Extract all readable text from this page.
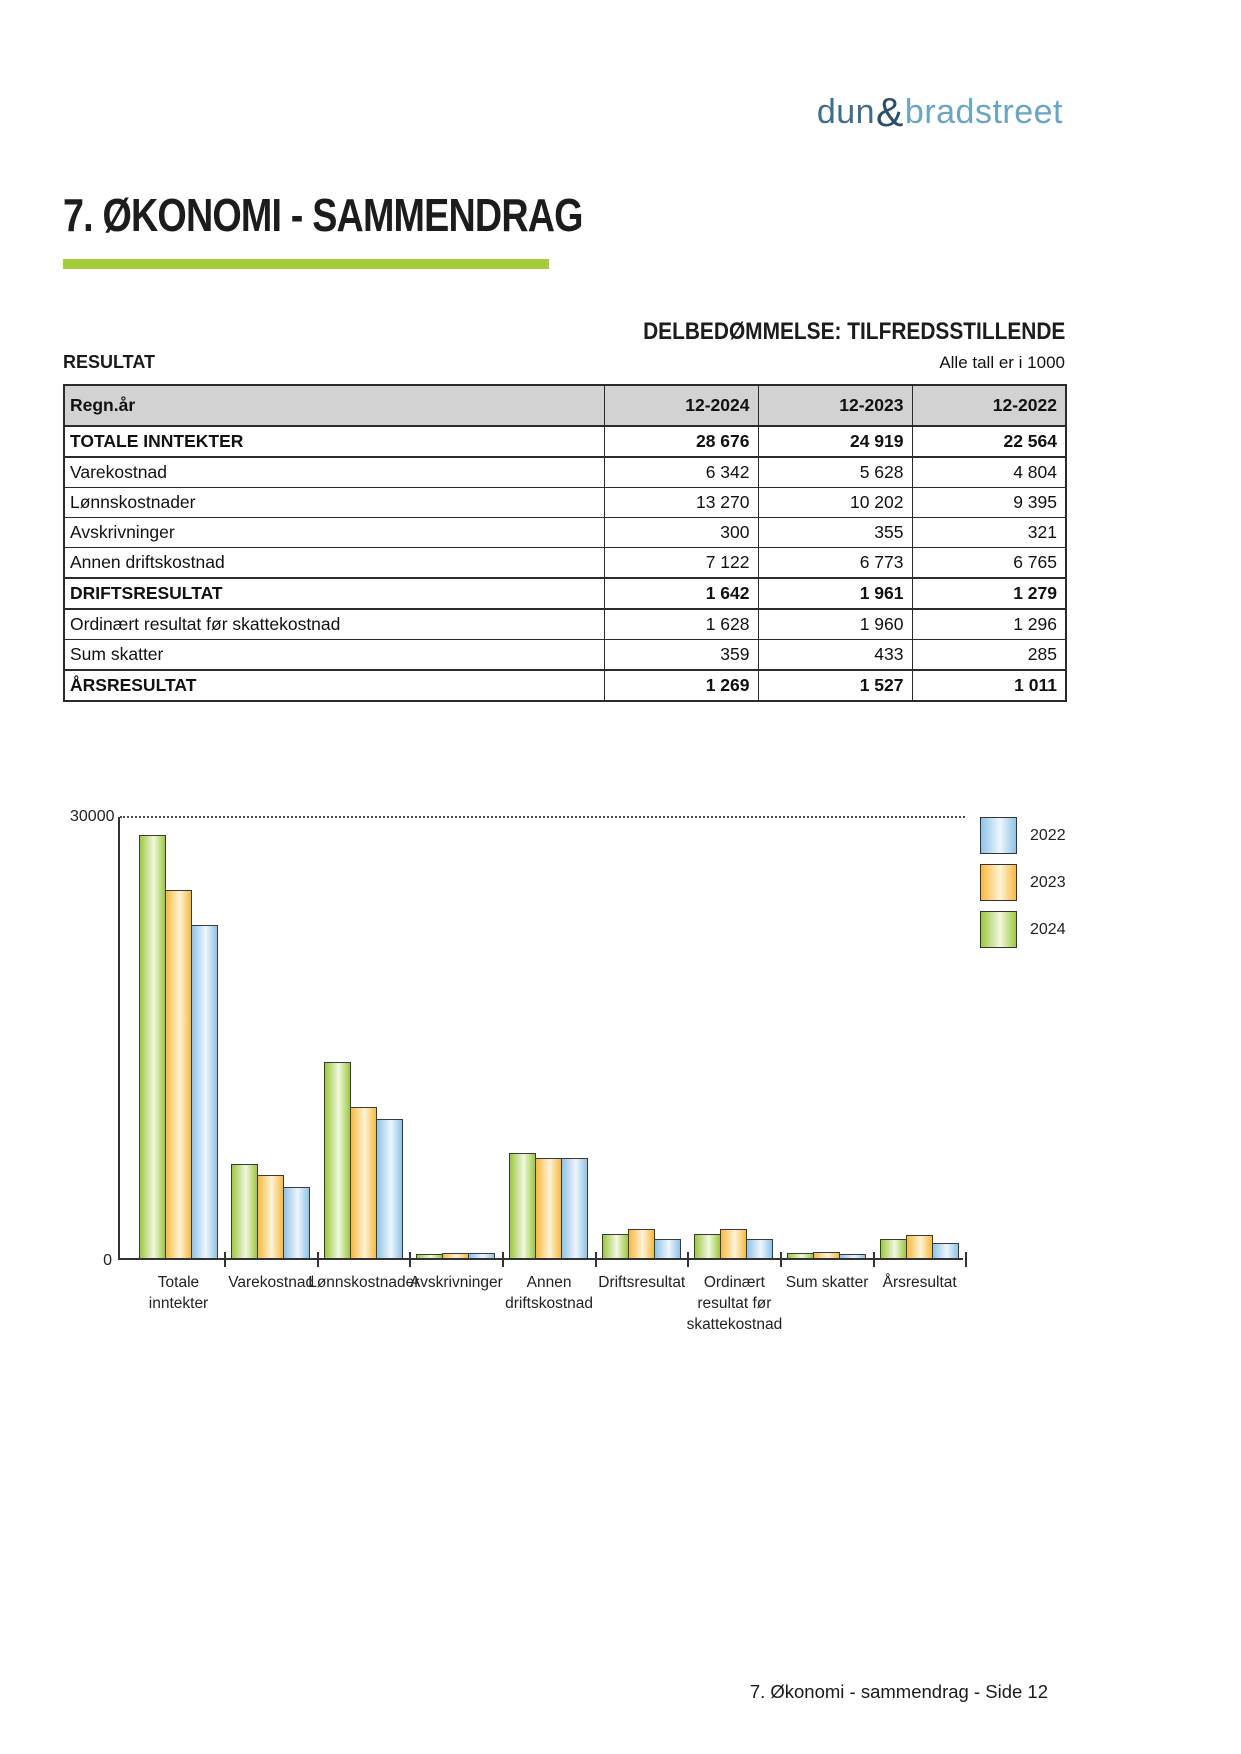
dun&bradstreet
7. ØKONOMI - SAMMENDRAG
DELBEDØMMELSE: TILFREDSSTILLENDE
RESULTAT	Alle tall er i 1000
Regn.år	12-2024	12-2023	12-2022
TOTALE INNTEKTER	28 676	24 919	22 564
Varekostnad	6 342	5 628	4 804
Lønnskostnader	13 270	10 202	9 395
Avskrivninger	300	355	321
Annen driftskostnad	7 122	6 773	6 765
DRIFTSRESULTAT	1 642	1 961	1 279
Ordinært resultat før skattekostnad	1 628	1 960	1 296
Sum skatter	359	433	285
ÅRSRESULTAT	1 269	1 527	1 011
30000
0
Totale
inntekter
Varekostnad
Lønnskostnader
Avskrivninger	Annen
driftskostnad
Driftsresultat	Ordinært
resultat før
skattekostnad
Sum skatter Årsresultat
2022
2023
2024
7. Økonomi - sammendrag - Side 12
